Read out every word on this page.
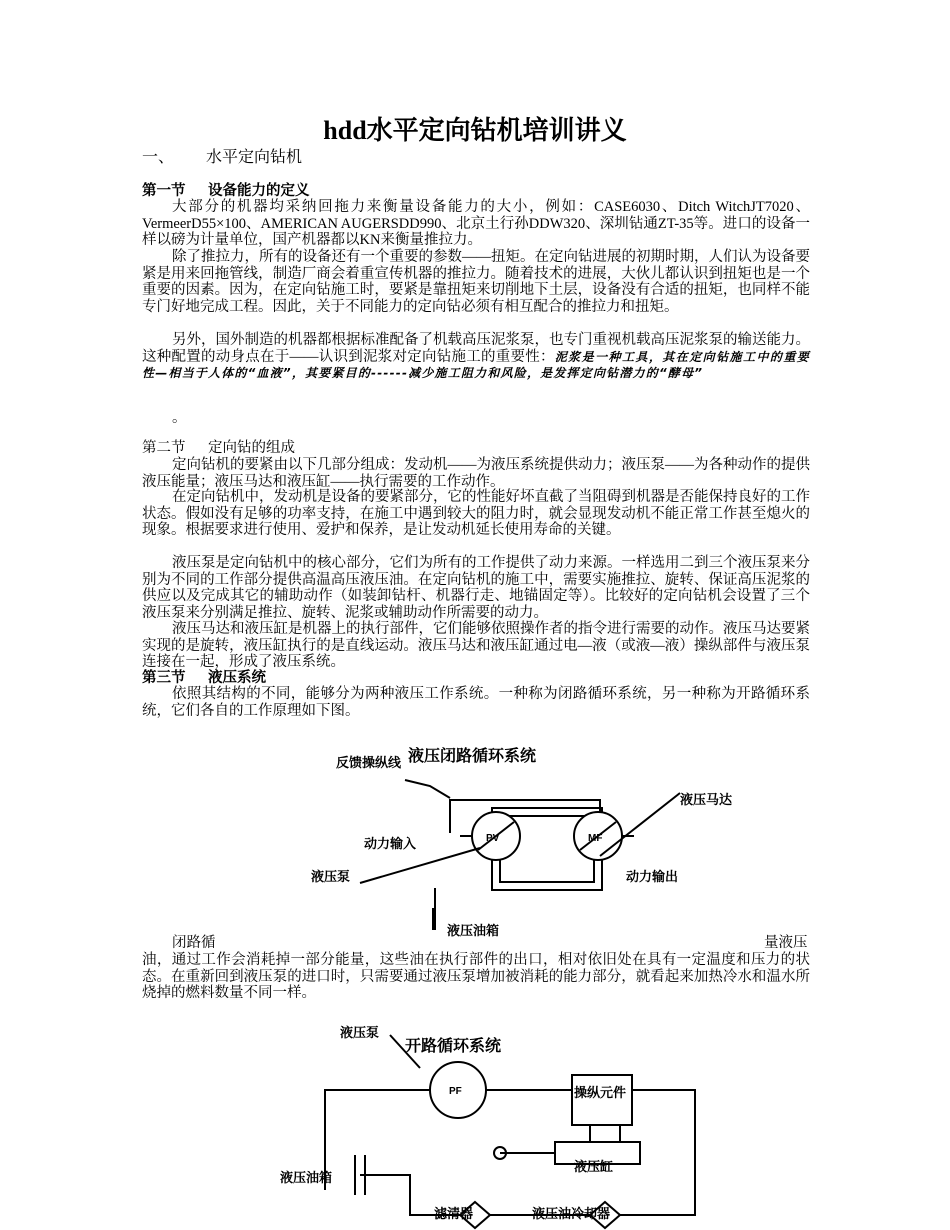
hdd水平定向钻机培训讲义
一、 水平定向钻机
第一节 设备能力的定义
大部分的机器均采纳回拖力来衡量设备能力的大小，例如：CASE6030、Ditch WitchJT7020、VermeerD55×100、AMERICAN AUGERSDD990、北京土行孙DDW320、深圳钻通ZT-35等。进口的设备一样以磅为计量单位，国产机器都以KN来衡量推拉力。
除了推拉力，所有的设备还有一个重要的参数——扭矩。在定向钻进展的初期时期，人们认为设备要紧是用来回拖管线，制造厂商会着重宣传机器的推拉力。随着技术的进展，大伙儿都认识到扭矩也是一个重要的因素。因为，在定向钻施工时，要紧是靠扭矩来切削地下土层，设备没有合适的扭矩，也同样不能专门好地完成工程。因此，关于不同能力的定向钻必须有相互配合的推拉力和扭矩。
另外，国外制造的机器都根据标准配备了机载高压泥浆泵，也专门重视机载高压泥浆泵的输送能力。这种配置的动身点在于——认识到泥浆对定向钻施工的重要性：泥浆是一种工具，其在定向钻施工中的重要性—相当于人体的“血液”，其要紧目的------减少施工阻力和风险，是发挥定向钻潜力的“酵母”
。
第二节 定向钻的组成
定向钻机的要紧由以下几部分组成：发动机——为液压系统提供动力；液压泵——为各种动作的提供液压能量；液压马达和液压缸——执行需要的工作动作。
在定向钻机中，发动机是设备的要紧部分，它的性能好坏直截了当阻碍到机器是否能保持良好的工作状态。假如没有足够的功率支持，在施工中遇到较大的阻力时，就会显现发动机不能正常工作甚至熄火的现象。根据要求进行使用、爱护和保养，是让发动机延长使用寿命的关键。
液压泵是定向钻机中的核心部分，它们为所有的工作提供了动力来源。一样选用二到三个液压泵来分别为不同的工作部分提供高温高压液压油。在定向钻机的施工中，需要实施推拉、旋转、保证高压泥浆的供应以及完成其它的辅助动作（如装卸钻杆、机器行走、地锚固定等）。比较好的定向钻机会设置了三个液压泵来分别满足推拉、旋转、泥浆或辅助动作所需要的动力。
液压马达和液压缸是机器上的执行部件，它们能够依照操作者的指令进行需要的动作。液压马达要紧实现的是旋转，液压缸执行的是直线运动。液压马达和液压缸通过电—液（或液—液）操纵部件与液压泵连接在一起，形成了液压系统。
第三节 液压系统
依照其结构的不同，能够分为两种液压工作系统。一种称为闭路循环系统，另一种称为开路循环系统，它们各自的工作原理如下图。
PV	MF
液压闭路循环系统
反馈操纵线
液压马达
动力输入
液压泵	动力输出
液压油箱
闭路循	量液压
油，通过工作会消耗掉一部分能量，这些油在执行部件的出口，相对依旧处在具有一定温度和压力的状态。在重新回到液压泵的进口时，只需要通过液压泵增加被消耗的能力部分，就看起来加热冷水和温水所烧掉的燃料数量不同一样。
PF
液压泵
开路循环系统
操纵元件
液压缸
液压油箱
滤清器	液压油冷却器
